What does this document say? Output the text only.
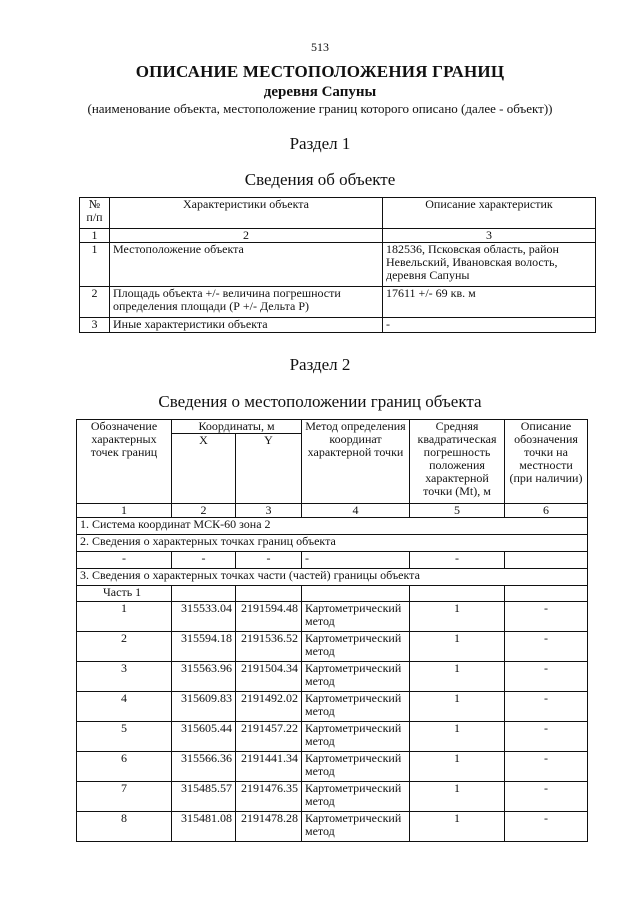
513
ОПИСАНИЕ МЕСТОПОЛОЖЕНИЯ ГРАНИЦ
деревня Сапуны
(наименование объекта, местоположение границ которого описано (далее - объект))
Раздел 1
Сведения об объекте
№ п/п	Характеристики объекта	Описание характеристик
1	2	3
1	Местоположение объекта	182536, Псковская область, район Невельский, Ивановская волость, деревня Сапуны
2	Площадь объекта +/- величина погрешности определения площади (Р +/- Дельта Р)	17611 +/- 69 кв. м
3	Иные характеристики объекта	-
Раздел 2
Сведения о местоположении границ объекта
Обозначение характерных точек границ	Координаты, м		Метод определения координат характерной точки	Средняя квадратическая погрешность положения характерной точки (Mt), м	Описание обозначения точки на местности (при наличии)
	X	Y			
1	2	3	4	5	6
1. Система координат МСК-60 зона 2					
2. Сведения о характерных точках границ объекта					
-	-	-	-	-	
3. Сведения о характерных точках части (частей) границы объекта					
Часть 1					
1	315533.04	2191594.48	Картометрический метод	1	-
2	315594.18	2191536.52	Картометрический метод	1	-
3	315563.96	2191504.34	Картометрический метод	1	-
4	315609.83	2191492.02	Картометрический метод	1	-
5	315605.44	2191457.22	Картометрический метод	1	-
6	315566.36	2191441.34	Картометрический метод	1	-
7	315485.57	2191476.35	Картометрический метод	1	-
8	315481.08	2191478.28	Картометрический метод	1	-
